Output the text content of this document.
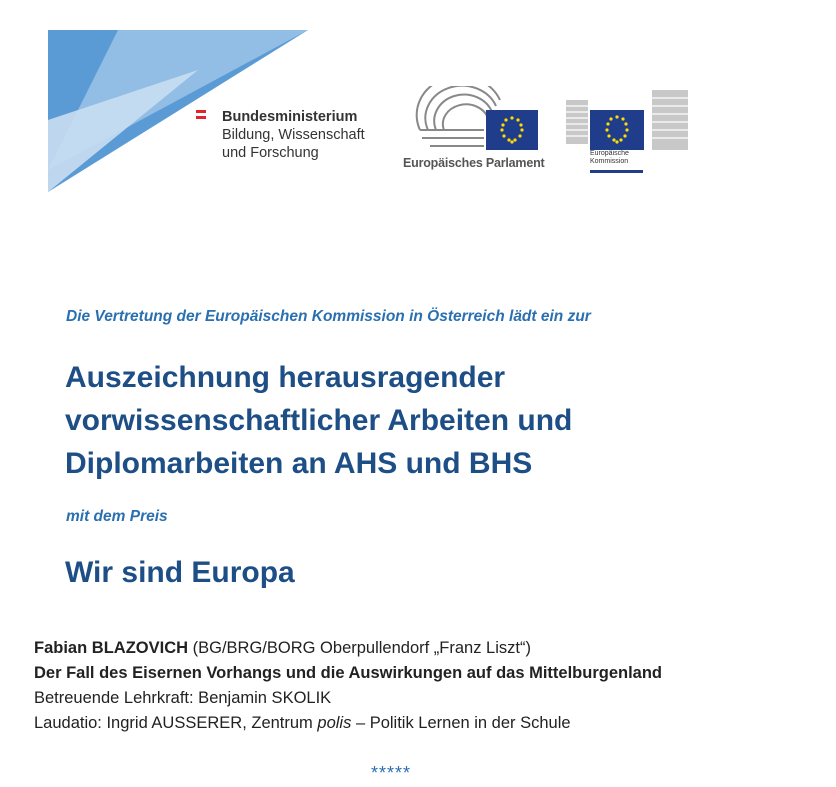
Bundesministerium
Bildung, Wissenschaft
und Forschung
Europäisches Parlament
Europäische
Kommission
Die Vertretung der Europäischen Kommission in Österreich lädt ein zur
Auszeichnung herausragender
vorwissenschaftlicher Arbeiten und
Diplomarbeiten an AHS und BHS
mit dem Preis
Wir sind Europa
Fabian BLAZOVICH (BG/BRG/BORG Oberpullendorf „Franz Liszt“)
Der Fall des Eisernen Vorhangs und die Auswirkungen auf das Mittelburgenland
Betreuende Lehrkraft: Benjamin SKOLIK
Laudatio: Ingrid AUSSERER, Zentrum polis – Politik Lernen in der Schule
*****
